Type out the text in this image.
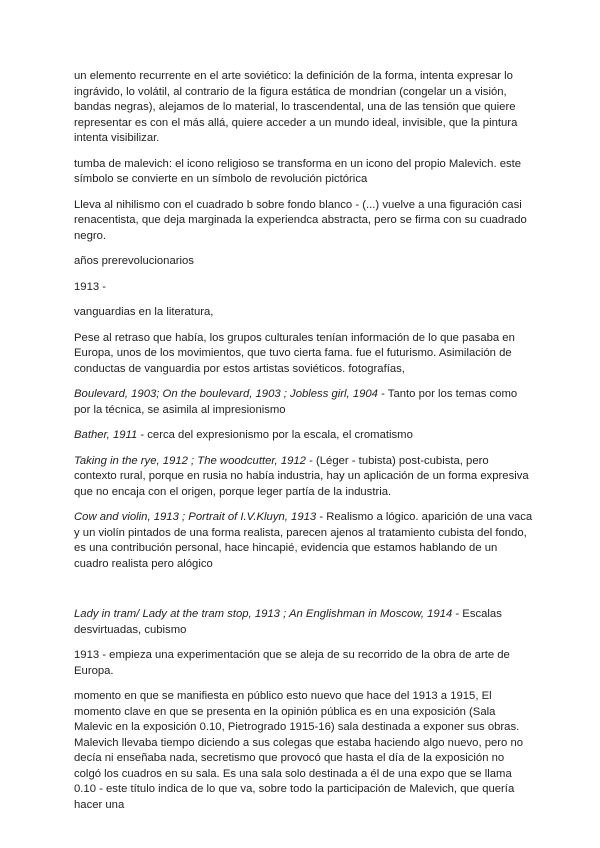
un elemento recurrente en el arte soviético: la definición de la forma, intenta expresar lo ingrávido, lo volátil, al contrario de la figura estática de mondrian (congelar un a visión, bandas negras), alejamos de lo material, lo trascendental, una de las tensión que quiere representar es con el más allá, quiere acceder a un mundo ideal, invisible, que la pintura intenta visibilizar.

tumba de malevich: el icono religioso se transforma en un icono del propio Malevich. este símbolo se convierte en un símbolo de revolución pictórica

Lleva al nihilismo con el cuadrado b sobre fondo blanco - (...) vuelve a una figuración casi renacentista, que deja marginada la experiendca abstracta, pero se firma con su cuadrado negro.

años prerevolucionarios

1913 -

vanguardias en la literatura,

Pese al retraso que había, los grupos culturales tenían información de lo que pasaba en Europa, unos de los movimientos, que tuvo cierta fama. fue el futurismo. Asimilación de conductas de vanguardia por estos artistas soviéticos. fotografías,

Boulevard, 1903; On the boulevard, 1903 ; Jobless girl, 1904 - Tanto por los temas como por la técnica, se asimila al impresionismo

Bather, 1911 - cerca del expresionismo por la escala, el cromatismo

Taking in the rye, 1912 ; The woodcutter, 1912 - (Léger - tubista) post-cubista, pero contexto rural, porque en rusia no había industria, hay un aplicación de un forma expresiva que no encaja con el origen, porque leger partía de la industria.

Cow and violin, 1913 ; Portrait of I.V.Kluyn, 1913 - Realismo a lógico. aparición de una vaca y un violín pintados de una forma realista, parecen ajenos al tratamiento cubista del fondo, es una contribución personal, hace hincapié, evidencia que estamos hablando de un cuadro realista pero alógico

Lady in tram/ Lady at the tram stop, 1913 ; An Englishman in Moscow, 1914 - Escalas desvirtuadas, cubismo

1913 - empieza una experimentación que se aleja de su recorrido de la obra de arte de Europa.

momento en que se manifiesta en público esto nuevo que hace del 1913 a 1915, El momento clave en que se presenta en la opinión pública es en una exposición (Sala Malevic en la exposición 0.10, Pietrogrado 1915-16) sala destinada a exponer sus obras. Malevich llevaba tiempo diciendo a sus colegas que estaba haciendo algo nuevo, pero no decía ni enseñaba nada, secretismo que provocó que hasta el día de la exposición no colgó los cuadros en su sala. Es una sala solo destinada a él de una expo que se llama 0.10 - este título indica de lo que va, sobre todo la participación de Malevich, que quería hacer una
